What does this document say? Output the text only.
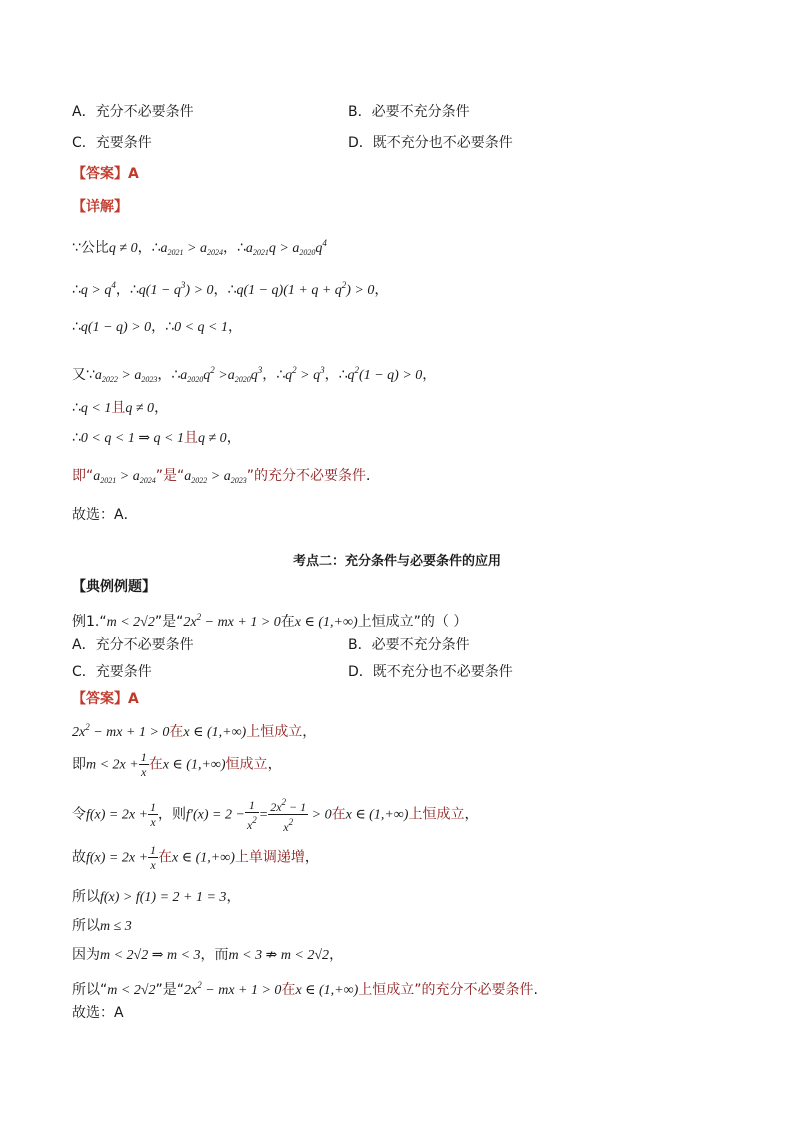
A．充分不必要条件	B．必要不充分条件
C．充要条件	D．既不充分也不必要条件
【答案】A
【详解】
∵公比q ≠ 0，$\therefore a_{2021} > a_{2024}$，$\therefore a_{2021}q > a_{2020}q^4$
∴q > $q^4$，∴q(1 − $q^3) > 0$，∴q(1 − $q)(1 + q + q^2) > 0$，
∴q(1 − q) > 0，∴0 < q < 1，
又$\because a_{2022} > a_{2023}$，$\therefore a_{2020}q^2 >a_{2020}q^3$，$\therefore q^2 > q^3$，$\therefore q^2(1 - q) > 0$，
∴q < 1且q ≠ 0，
∴0 < q < 1 ⇒ q < 1且q ≠ 0，
即“$a_{2021} > a_{2024}$”是“$a_{2022} > a_{2023}$”的充分不必要条件．
故选：A．
考点二：充分条件与必要条件的应用
【典例例题】
例1.“m < 2√2”是“$2x^2$ − mx + 1 > 0在x ∈ (1,+∞)上恒成立”的（ ）
A．充分不必要条件	B．必要不充分条件
C．充要条件	D．既不充分也不必要条件
【答案】A
$2x^2$ − mx + 1 > 0在x ∈ (1,+∞)上恒成立，
即$m < 2x + \frac{1}{x}$ 在x ∈ (1,+∞)恒成立，
令$f(x) = 2x + \frac{1}{x}$ ，则$f'(x) = 2 - \frac{1}{x^2} = \frac{2x^2 - 1}{x^2} > 0$在x ∈ (1,+∞)上恒成立，
故$f(x) = 2x + \frac{1}{x}$ 在x ∈ (1,+∞)上单调递增，
所以f(x) > f(1) = 2 + 1 = 3，
所以m ≤ 3
因为m < 2√2 ⇒ m < 3，而m < 3 ⇏ m < 2√2，
所以“m < 2√2”是“$2x^2$ − mx + 1 > 0在x ∈ (1,+∞)上恒成立”的充分不必要条件.
故选：A
